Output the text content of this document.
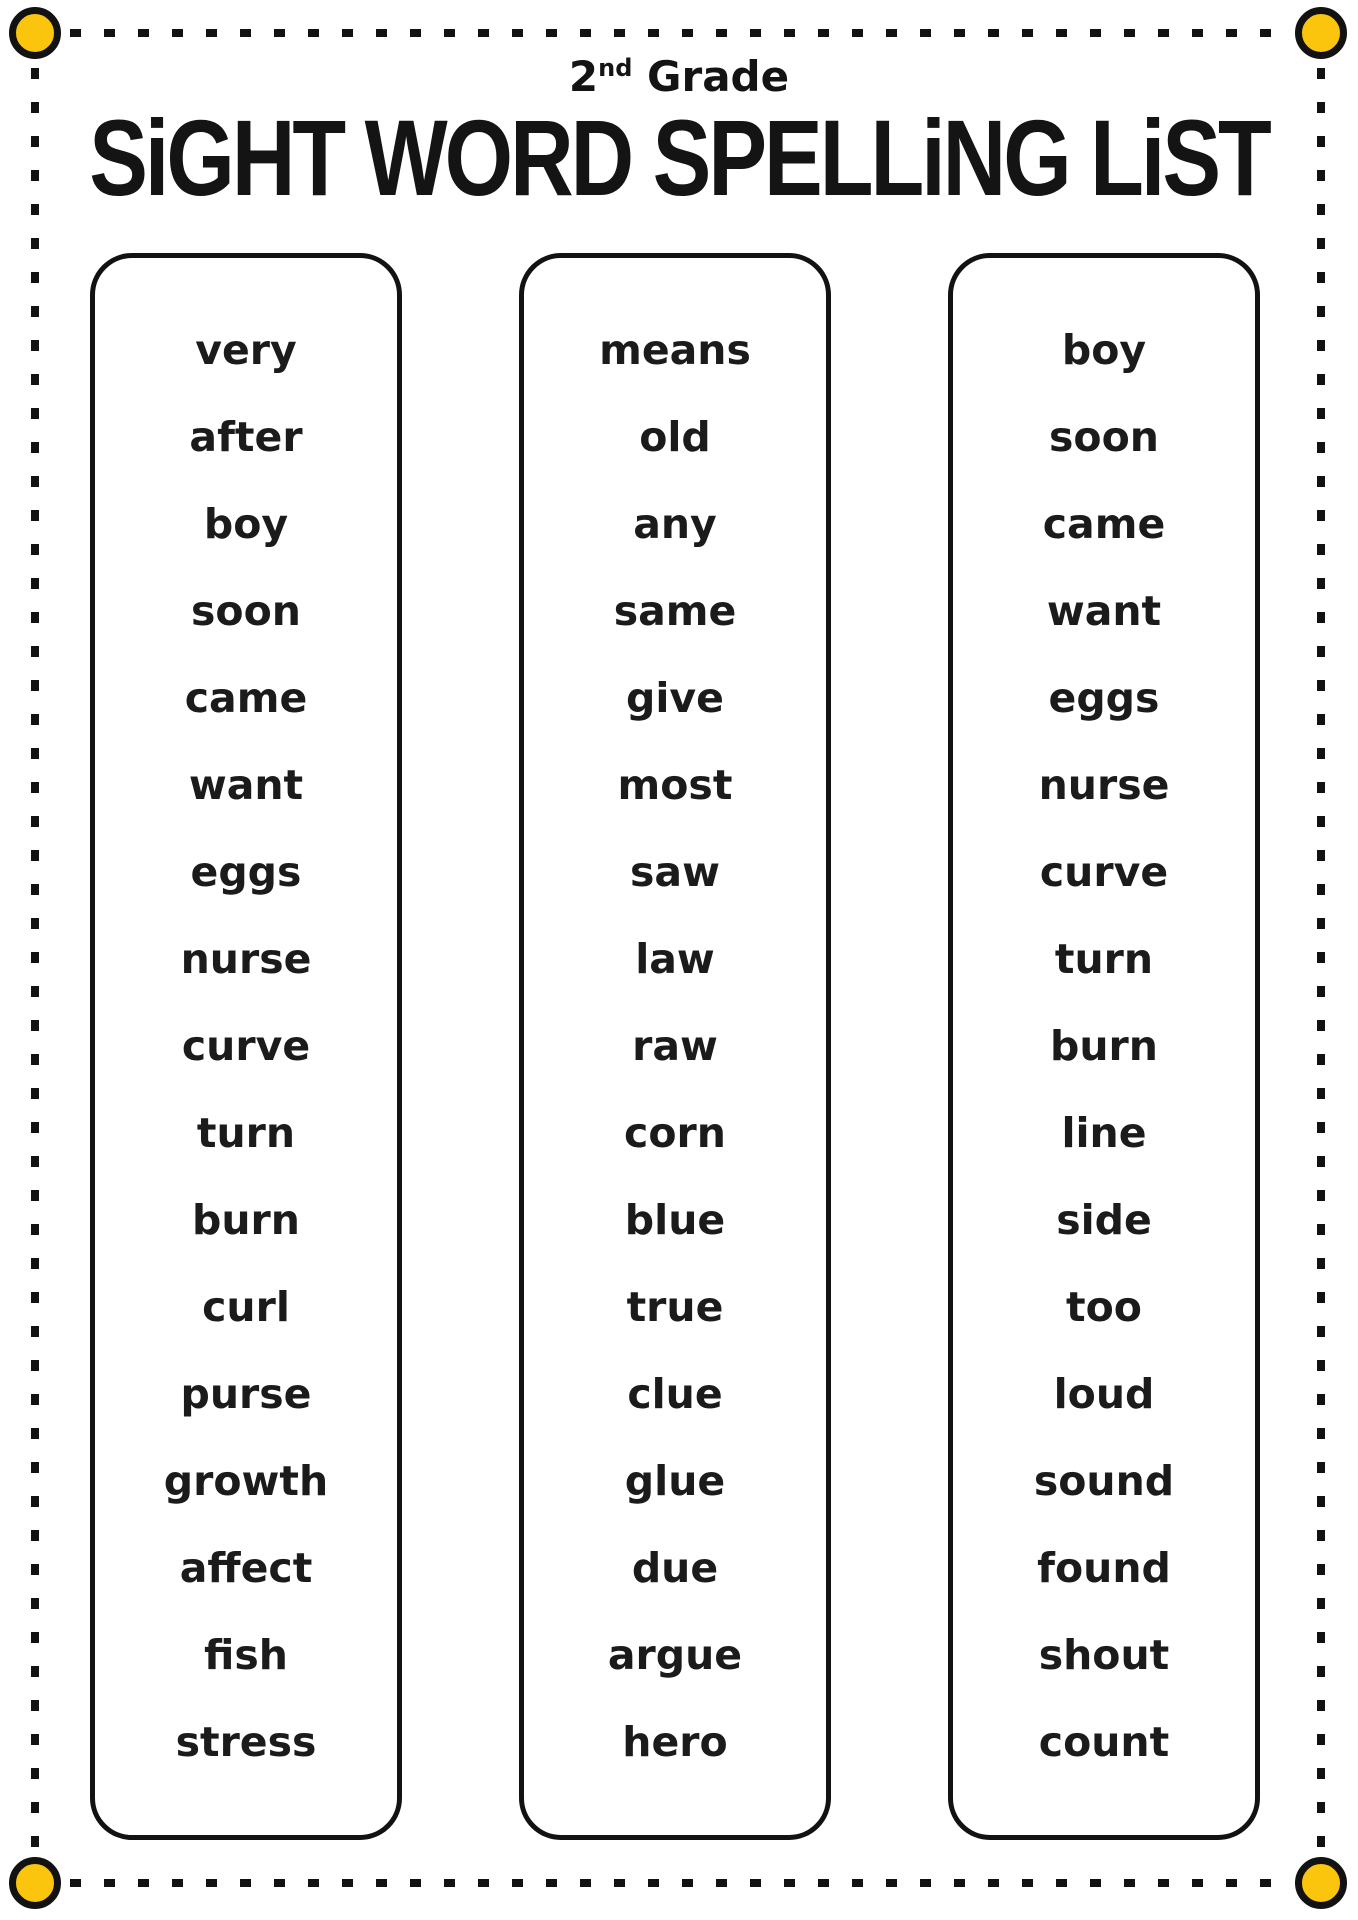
2nd Grade
SiGHT WORD SPELLiNG LiST
very
after
boy
soon
came
want
eggs
nurse
curve
turn
burn
curl
purse
growth
affect
fish
stress
means
old
any
same
give
most
saw
law
raw
corn
blue
true
clue
glue
due
argue
hero
boy
soon
came
want
eggs
nurse
curve
turn
burn
line
side
too
loud
sound
found
shout
count
